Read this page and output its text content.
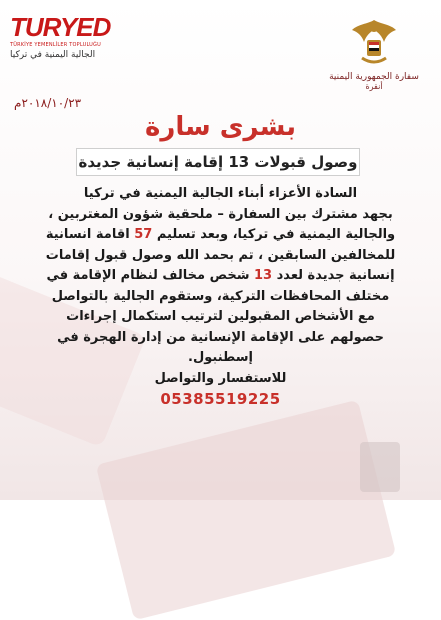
TURYED
TÜRKİYE YEMENLİLER TOPLULUĞU
الجالية اليمنية في تركيا
سفارة الجمهورية اليمنية
أنقرة
٢٠١٨/١٠/٢٣م
بشرى سارة
وصول قبولات 13 إقامة إنسانية جديدة
السادة الأعزاء أبناء الجالية اليمنية في تركيا
بجهد مشترك بين السفارة – ملحقية شؤون المغتربين ،
والجالية اليمنية في تركيا، وبعد تسليم 57 اقامة انسانية
للمخالفين السابقين ، تم بحمد الله وصول قبول إقامات
إنسانية جديدة لعدد 13 شخص مخالف لنظام الإقامة في
مختلف المحافظات التركية، وستقوم الجالية بالتواصل
مع الأشخاص المقبولين لترتيب استكمال إجراءات
حصولهم على الإقامة الإنسانية من إدارة الهجرة في
إسطنبول.
للاستفسار والتواصل
05385519225
